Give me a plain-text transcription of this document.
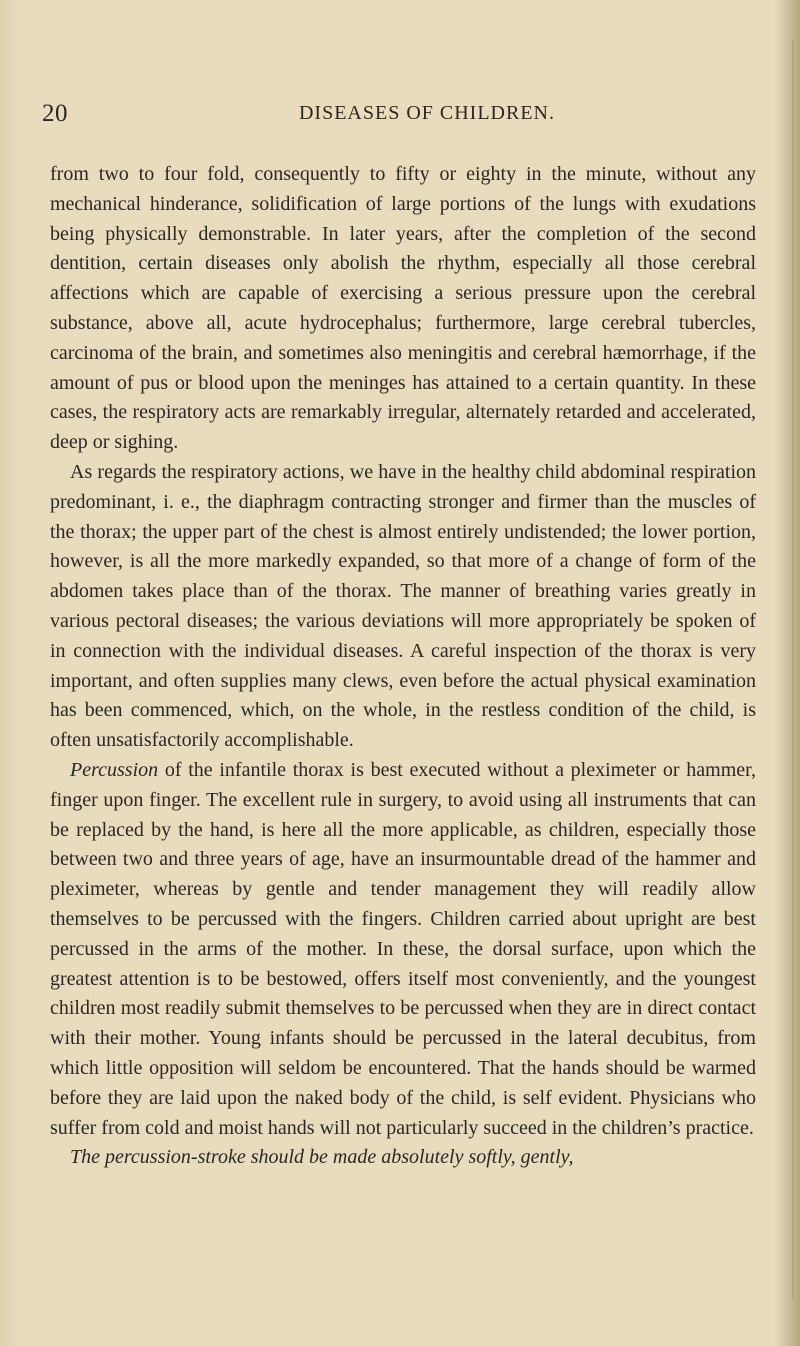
20	DISEASES OF CHILDREN.

from two to four fold, consequently to fifty or eighty in the minute, without any mechanical hinderance, solidification of large portions of the lungs with exudations being physically demonstrable. In later years, after the completion of the second dentition, certain diseases only abolish the rhythm, especially all those cerebral affections which are capable of exercising a serious pressure upon the cerebral substance, above all, acute hydrocephalus; furthermore, large cerebral tubercles, carcinoma of the brain, and sometimes also meningitis and cerebral hæmorrhage, if the amount of pus or blood upon the meninges has attained to a certain quantity. In these cases, the respiratory acts are remarkably irregular, alternately retarded and accelerated, deep or sighing.

As regards the respiratory actions, we have in the healthy child abdominal respiration predominant, i. e., the diaphragm contracting stronger and firmer than the muscles of the thorax; the upper part of the chest is almost entirely undistended; the lower portion, however, is all the more markedly expanded, so that more of a change of form of the abdomen takes place than of the thorax. The manner of breathing varies greatly in various pectoral diseases; the various deviations will more appropriately be spoken of in connection with the individual diseases. A careful inspection of the thorax is very important, and often supplies many clews, even before the actual physical examination has been commenced, which, on the whole, in the restless condition of the child, is often unsatisfactorily accomplishable.

Percussion of the infantile thorax is best executed without a pleximeter or hammer, finger upon finger. The excellent rule in surgery, to avoid using all instruments that can be replaced by the hand, is here all the more applicable, as children, especially those between two and three years of age, have an insurmountable dread of the hammer and pleximeter, whereas by gentle and tender management they will readily allow themselves to be percussed with the fingers. Children carried about upright are best percussed in the arms of the mother. In these, the dorsal surface, upon which the greatest attention is to be bestowed, offers itself most conveniently, and the youngest children most readily submit themselves to be percussed when they are in direct contact with their mother. Young infants should be percussed in the lateral decubitus, from which little opposition will seldom be encountered. That the hands should be warmed before they are laid upon the naked body of the child, is self evident. Physicians who suffer from cold and moist hands will not particularly succeed in the children’s practice.

The percussion-stroke should be made absolutely softly, gently,
